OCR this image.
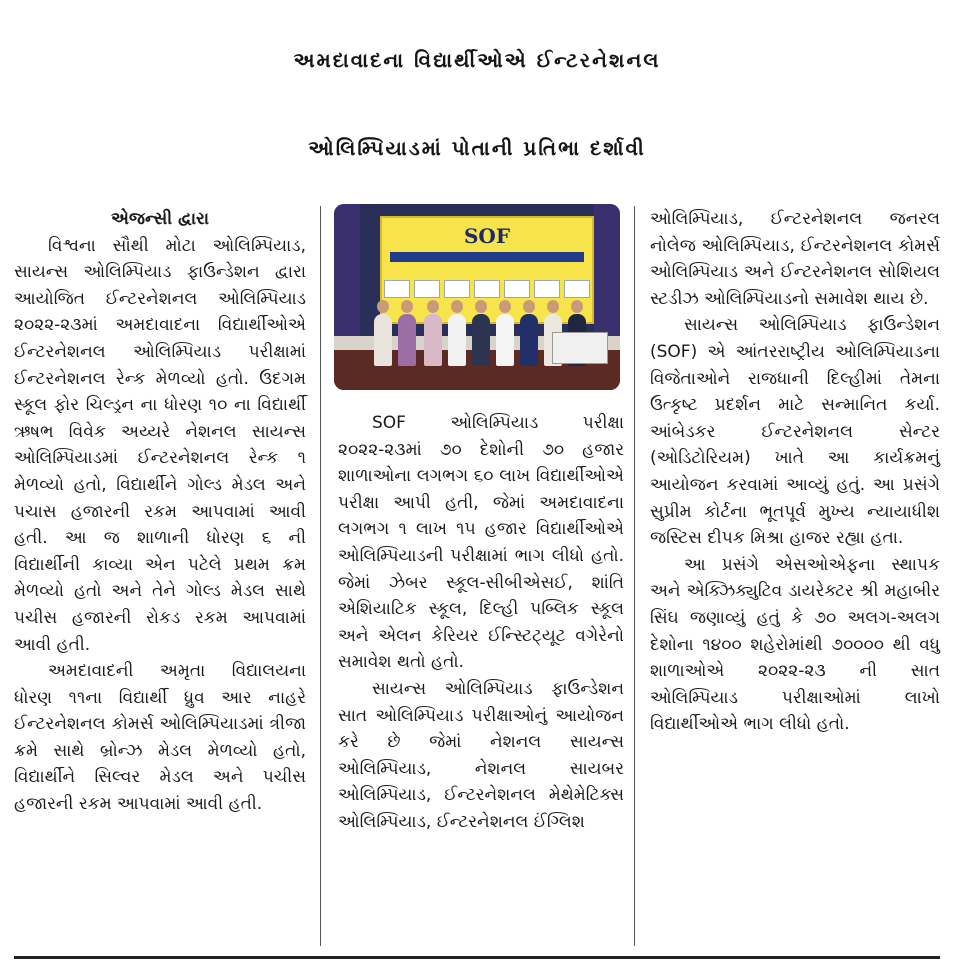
અમદાવાદના વિદ્યાર્થીઓએ ઈન્ટરનેશનલ
ઓલિમ્પિયાડમાં પોતાની પ્રતિભા દર્શાવી

એજન્સી દ્વારા

વિશ્વના સૌથી મોટા ઓલિમ્પિયાડ, સાયન્સ ઓલિમ્પિયાડ ફાઉન્ડેશન દ્વારા આયોજિત ઈન્ટરનેશનલ ઓલિમ્પિયાડ ૨૦૨૨-૨૩માં અમદાવાદના વિદ્યાર્થીઓએ ઈન્ટરનેશનલ ઓલિમ્પિયાડ પરીક્ષામાં ઈન્ટરનેશનલ રેન્ક મેળવ્યો હતો. ઉદગમ સ્કૂલ ફોર ચિલ્ડ્રન ના ધોરણ ૧૦ ના વિદ્યાર્થી ઋષભ વિવેક અય્યરે નેશનલ સાયન્સ ઓલિમ્પિયાડમાં ઈન્ટરનેશનલ રેન્ક ૧ મેળવ્યો હતો, વિદ્યાર્થીને ગોલ્ડ મેડલ અને પચાસ હજારની રકમ આપવામાં આવી હતી. આ જ શાળાની ધોરણ ૬ ની વિદ્યાર્થીની કાવ્યા એન પટેલે પ્રથમ ક્રમ મેળવ્યો હતો અને તેને ગોલ્ડ મેડલ સાથે પચીસ હજારની રોકડ રકમ આપવામાં આવી હતી.

અમદાવાદની અમૃતા વિદ્યાલયના ધોરણ ૧૧ના વિદ્યાર્થી ધ્રુવ આર નાહરે ઈન્ટરનેશનલ કોમર્સ ઓલિમ્પિયાડમાં ત્રીજા ક્રમે સાથે બ્રોન્ઝ મેડલ મેળવ્યો હતો, વિદ્યાર્થીને સિલ્વર મેડલ અને પચીસ હજારની રકમ આપવામાં આવી હતી.

SOF

SOF ઓલિમ્પિયાડ પરીક્ષા ૨૦૨૨-૨૩માં ૭૦ દેશોની ૭૦ હજાર શાળાઓના લગભગ ૬૦ લાખ વિદ્યાર્થીઓએ પરીક્ષા આપી હતી, જેમાં અમદાવાદના લગભગ ૧ લાખ ૧૫ હજાર વિદ્યાર્થીઓએ ઓલિમ્પિયાડની પરીક્ષામાં ભાગ લીધો હતો. જેમાં ઝેબર સ્કૂલ-સીબીએસઈ, શાંતિ એશિયાટિક સ્કૂલ, દિલ્હી પબ્લિક સ્કૂલ અને એલન કેરિયર ઈન્સ્ટિટ્યૂટ વગેરેનો સમાવેશ થતો હતો.

સાયન્સ ઓલિમ્પિયાડ ફાઉન્ડેશન સાત ઓલિમ્પિયાડ પરીક્ષાઓનું આયોજન કરે છે જેમાં નેશનલ સાયન્સ ઓલિમ્પિયાડ, નેશનલ સાયબર ઓલિમ્પિયાડ, ઈન્ટરનેશનલ મેથેમેટિક્સ ઓલિમ્પિયાડ, ઈન્ટરનેશનલ ઈંગ્લિશ

ઓલિમ્પિયાડ, ઈન્ટરનેશનલ જનરલ નોલેજ ઓલિમ્પિયાડ, ઈન્ટરનેશનલ કોમર્સ ઓલિમ્પિયાડ અને ઈન્ટરનેશનલ સોશિયલ સ્ટડીઝ ઓલિમ્પિયાડનો સમાવેશ થાય છે.

સાયન્સ ઓલિમ્પિયાડ ફાઉન્ડેશન (SOF) એ આંતરરાષ્ટ્રીય ઓલિમ્પિયાડના વિજેતાઓને રાજધાની દિલ્હીમાં તેમના ઉત્કૃષ્ટ પ્રદર્શન માટે સન્માનિત કર્યા. આંબેડકર ઈન્ટરનેશનલ સેન્ટર (ઓડિટોરિયમ) ખાતે આ કાર્યક્રમનું આયોજન કરવામાં આવ્યું હતું. આ પ્રસંગે સુપ્રીમ કોર્ટના ભૂતપૂર્વ મુખ્ય ન્યાયાધીશ જસ્ટિસ દીપક મિશ્રા હાજર રહ્યા હતા.

આ પ્રસંગે એસઓએફના સ્થાપક અને એક્ઝિક્યુટિવ ડાયરેક્ટર શ્રી મહાબીર સિંઘ જણાવ્યું હતું કે ૭૦ અલગ-અલગ દેશોના ૧૪૦૦ શહેરોમાંથી ૭૦૦૦૦ થી વધુ શાળાઓએ ૨૦૨૨-૨૩ ની સાત ઓલિમ્પિયાડ પરીક્ષાઓમાં લાખો વિદ્યાર્થીઓએ ભાગ લીધો હતો.
